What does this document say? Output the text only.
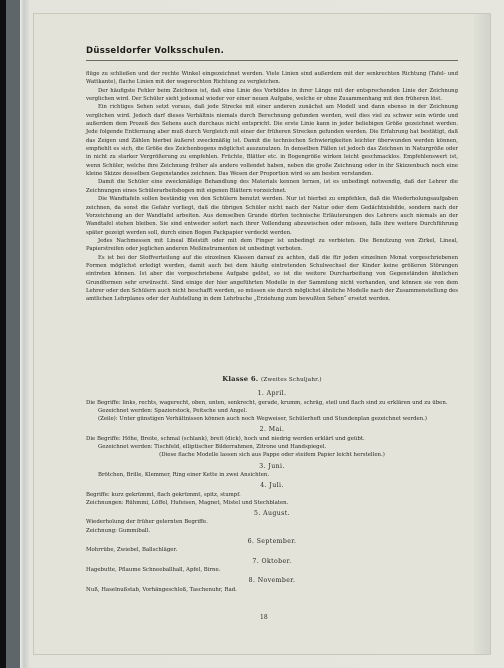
Düsseldorfer Volksschulen.

flüge zu schließen und der rechte Winkel eingezeichnet werden. Viele Linien sind außerdem mit der senkrechten Richtung (Tafel- und Wattkante), flache Linien mit der wagerechten Richtung zu vergleichen.

Der häufigste Fehler beim Zeichnen ist, daß eine Linie des Vorbildes in ihrer Länge mit der entsprechenden Linie der Zeichnung verglichen wird. Der Schüler sieht jedesmal wieder vor einer neuen Aufgabe, welche er ohne Zusammenhang mit den früheren löst.

Ein richtiges Sehen setzt voraus, daß jede Strecke mit einer anderen zunächst am Modell und dann ebenso in der Zeichnung verglichen wird. Jedoch darf dieses Verhältnis niemals durch Berechnung gefunden werden, weil dies viel zu schwer sein würde und außerdem dem Prozeß des Sehens auch durchaus nicht entspricht. Die erste Linie kann in jeder beliebigen Größe gezeichnet werden. Jede folgende Entfernung aber muß durch Vergleich mit einer der früheren Strecken gefunden werden. Die Erfahrung hat bestätigt, daß das Zeigen und Zählen hierbei äußerst zweckmäßig ist. Damit die technischen Schwierigkeiten leichter überwunden werden können, empfiehlt es sich, die Größe des Zeichenbogens möglichst auszunutzen. In denselben Fällen ist jedoch das Zeichnen in Naturgröße oder in nicht zu starker Vergrößerung zu empfehlen. Früchte, Blätter etc. in Bogengröße wirken leicht geschmacklos. Empfehlenswert ist, wenn Schüler, welche ihre Zeichnung früher als andere vollendet haben, neben die große Zeichnung oder in ihr Skizzenbuch noch eine kleine Skizze desselben Gegenstandes zeichnen. Das Wesen der Proportion wird so am besten verstanden.

Damit die Schüler eine zweckmäßige Behandlung des Materials kennen lernen, ist es unbedingt notwendig, daß der Lehrer die Zeichnungen eines Schülerarbeitsbogen mit eigenen Blättern vorzeichnet.

Die Wandtafeln sollen beständig von den Schülern benutzt werden. Nur ist hierbei zu empfehlen, daß die Wiederholungsaufgaben zeichnen, da sonst die Gefahr vorliegt, daß die übrigen Schüler nicht nach der Natur oder dem Gedächtnisbilde, sondern nach der Vorzeichnung an der Wandtafel arbeiten. Aus demselben Grunde dürfen technische Erläuterungen des Lehrers auch niemals an der Wandtafel stehen bleiben. Sie sind entweder sofort nach ihrer Vollendung abzuwischen oder müssen, falls ihre weitere Durchführung später gezeigt werden soll, durch einen Bogen Packpapier verdeckt werden.

Jedes Nachmessen mit Lineal Bleistift oder mit dem Finger ist unbedingt zu verbieten. Die Benutzung von Zirkel, Lineal, Papierstreifen oder jeglichen anderen Meßinstrumenten ist unbedingt verboten.

Es ist bei der Stoffverteilung auf die einzelnen Klassen darauf zu achten, daß die für jeden einzelnen Monat vorgeschriebenen Formen möglichst erledigt werden, damit auch bei dem häufig eintretenden Schulwechsel der Kinder keine größeren Störungen eintreten können. Ist aber die vorgeschriebene Aufgabe gelöst, so ist die weitere Durcharbeitung von Gegenständen ähnlichen Grundformen sehr erwünscht. Sind einige der hier angeführten Modelle in der Sammlung nicht vorhanden, und können sie von dem Lehrer oder den Schülern auch nicht beschafft werden, so müssen sie durch möglichst ähnliche Modelle nach der Zusammenstellung des amtlichen Lehrplanes oder der Aufstellung in dem Lehrbuche „Erziehung zum bewußten Sehen“ ersetzt werden.

Klasse 6. (Zweites Schuljahr.)

1. April.

Die Begriffe: links, rechts, wagerecht, oben, unten, senkrecht, gerade, krumm, schräg, steil und flach sind zu erklären und zu üben.

Gezeichnet werden: Spazierstock, Peitsche und Angel.

(Zeile): Unter günstigen Verhältnissen können auch noch Wegweiser, Schülerheft und Stundenplan gezeichnet werden.)

2. Mai.

Die Begriffe: Höhe, Breite, schmal (schlank), breit (dick), hoch und niedrig werden erklärt und geübt.

Gezeichnet werden: Tischfeld, elliptischer Bilderrahmen, Zitrone und Handspiegel.

(Diese flache Modelle lassen sich aus Pappe oder steifem Papier leicht herstellen.)

3. Juni.

Brötchen, Brille, Klemmer, Ring einer Kette in zwei Ansichten.

4. Juli.

Begriffe: kurz gekrümmt, flach gekrümmt, spitz, stumpf.

Zeichnungen: Rühmmi, Löffel, Hufeisen, Magnet, Mistel und Stechblaten.

5. August.

Wiederholung der früher gelernten Begriffe.

Zeichnung: Gummiball.

6. September.

Mohrrübe, Zwiebel, Ballschläger.

7. Oktober.

Hagebutte, Pflaume Schneeballhall, Apfel, Birne.

8. November.

Nuß, Haselnußstab, Vorhängeschloß, Taschenuhr, Rad.

18
